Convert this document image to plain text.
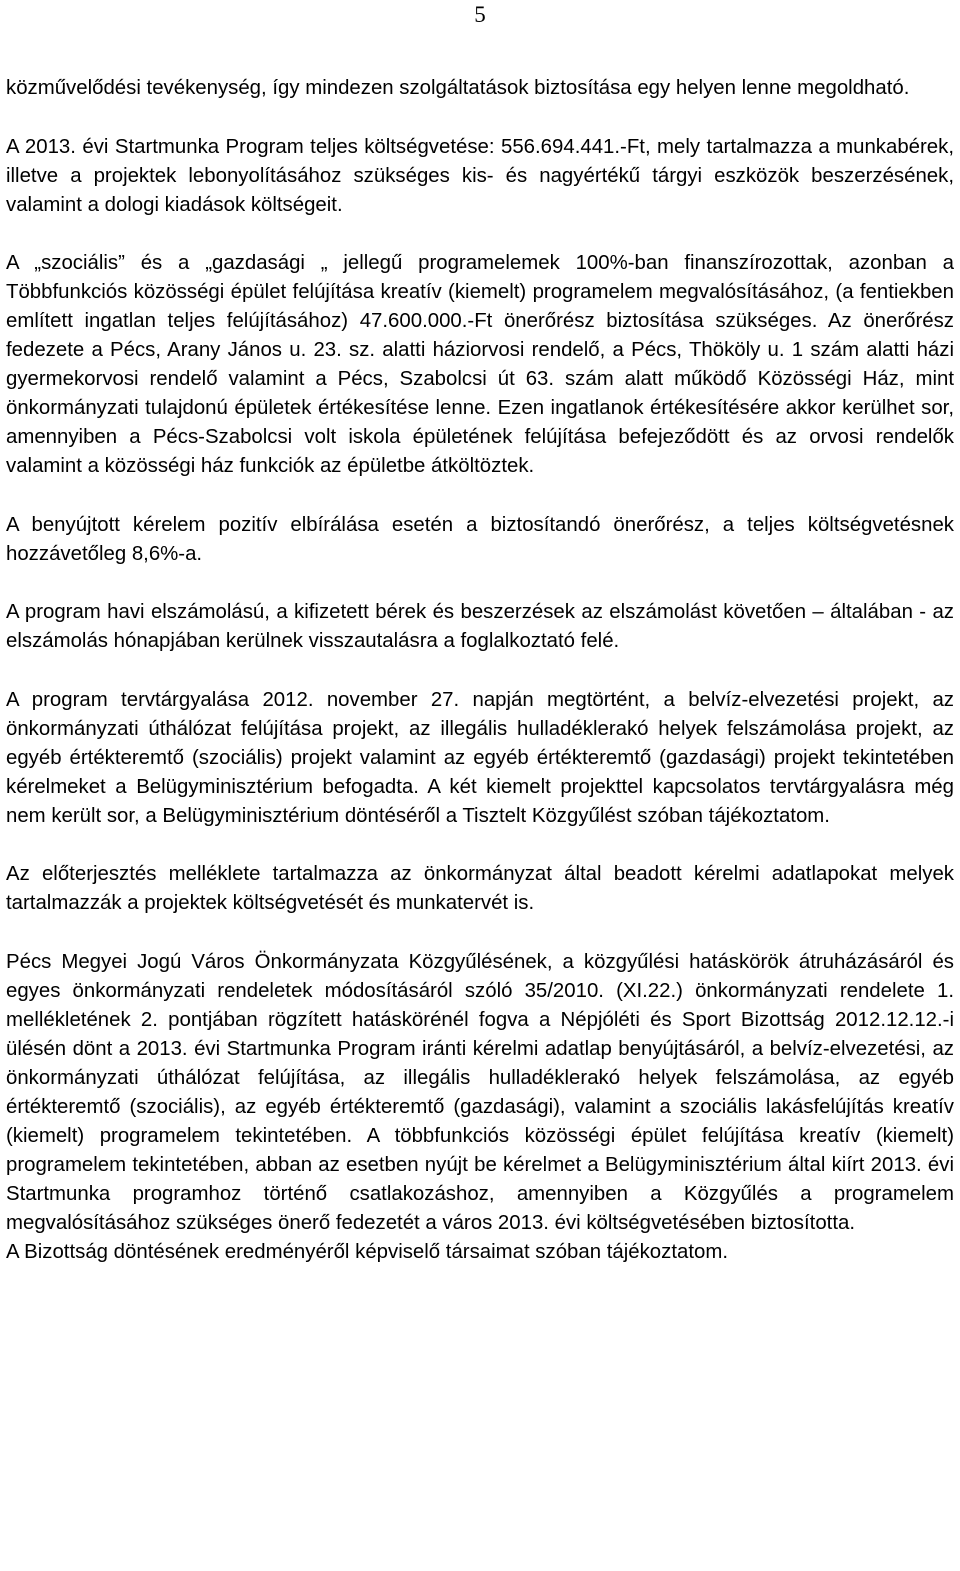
5

közművelődési tevékenység, így mindezen szolgáltatások biztosítása egy helyen lenne megoldható.

A 2013. évi Startmunka Program teljes költségvetése: 556.694.441.-Ft, mely tartalmazza a munkabérek, illetve a projektek lebonyolításához szükséges kis- és nagyértékű tárgyi eszközök beszerzésének, valamint a dologi kiadások költségeit.

A „szociális” és a „gazdasági „ jellegű programelemek 100%-ban finanszírozottak, azonban a Többfunkciós közösségi épület felújítása kreatív (kiemelt) programelem megvalósításához, (a fentiekben említett ingatlan teljes felújításához) 47.600.000.-Ft önerőrész biztosítása szükséges. Az önerőrész fedezete a Pécs, Arany János u. 23. sz. alatti háziorvosi rendelő, a Pécs, Thököly u. 1 szám alatti házi gyermekorvosi rendelő valamint a Pécs, Szabolcsi út 63. szám alatt működő Közösségi Ház, mint önkormányzati tulajdonú épületek értékesítése lenne. Ezen ingatlanok értékesítésére akkor kerülhet sor, amennyiben a Pécs-Szabolcsi volt iskola épületének felújítása befejeződött és az orvosi rendelők valamint a közösségi ház funkciók az épületbe átköltöztek.

A benyújtott kérelem pozitív elbírálása esetén a biztosítandó önerőrész, a teljes költségvetésnek hozzávetőleg 8,6%-a.

A program havi elszámolású, a kifizetett bérek és beszerzések az elszámolást követően – általában - az elszámolás hónapjában kerülnek visszautalásra a foglalkoztató felé.

A program tervtárgyalása 2012. november 27. napján megtörtént, a belvíz-elvezetési projekt, az önkormányzati úthálózat felújítása projekt, az illegális hulladéklerakó helyek felszámolása projekt, az egyéb értékteremtő (szociális) projekt valamint az egyéb értékteremtő (gazdasági) projekt tekintetében kérelmeket a Belügyminisztérium befogadta. A két kiemelt projekttel kapcsolatos tervtárgyalásra még nem került sor, a Belügyminisztérium döntéséről a Tisztelt Közgyűlést szóban tájékoztatom.

Az előterjesztés melléklete tartalmazza az önkormányzat által beadott kérelmi adatlapokat melyek tartalmazzák a projektek költségvetését és munkatervét is.

Pécs Megyei Jogú Város Önkormányzata Közgyűlésének, a közgyűlési hatáskörök átruházásáról és egyes önkormányzati rendeletek módosításáról szóló 35/2010. (XI.22.) önkormányzati rendelete 1. mellékletének 2. pontjában rögzített hatáskörénél fogva a Népjóléti és Sport Bizottság 2012.12.12.-i ülésén dönt a 2013. évi Startmunka Program iránti kérelmi adatlap benyújtásáról, a belvíz-elvezetési, az önkormányzati úthálózat felújítása, az illegális hulladéklerakó helyek felszámolása, az egyéb értékteremtő (szociális), az egyéb értékteremtő (gazdasági), valamint a szociális lakásfelújítás kreatív (kiemelt) programelem tekintetében. A többfunkciós közösségi épület felújítása kreatív (kiemelt) programelem tekintetében, abban az esetben nyújt be kérelmet a Belügyminisztérium által kiírt 2013. évi Startmunka programhoz történő csatlakozáshoz, amennyiben a Közgyűlés a programelem megvalósításához szükséges önerő fedezetét a város 2013. évi költségvetésében biztosította.

A Bizottság döntésének eredményéről képviselő társaimat szóban tájékoztatom.
